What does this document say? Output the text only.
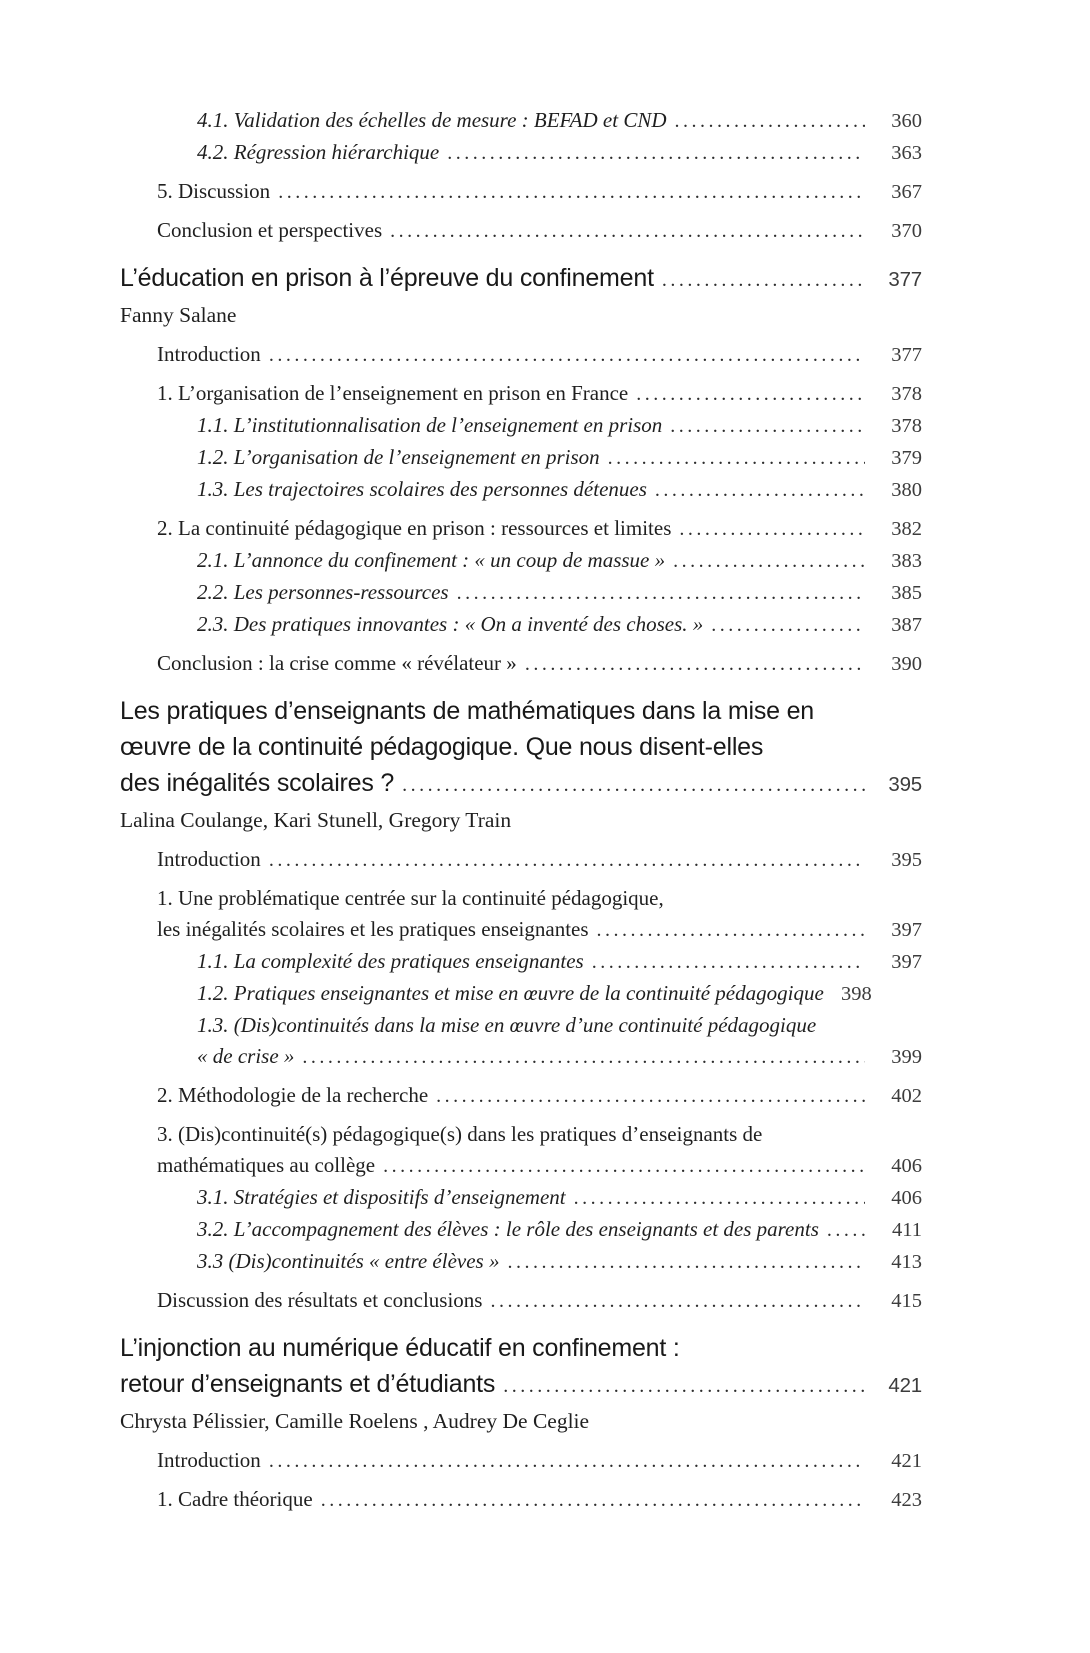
4.1. Validation des échelles de mesure : BEFAD et CND .....	360
4.2. Régression hiérarchique .....	363
5. Discussion .....	367
Conclusion et perspectives .....	370
L’éducation en prison à l’épreuve du confinement .....	377
Fanny Salane
Introduction .....	377
1. L’organisation de l’enseignement en prison en France .....	378
1.1. L’institutionnalisation de l’enseignement en prison .....	378
1.2. L’organisation de l’enseignement en prison .....	379
1.3. Les trajectoires scolaires des personnes détenues .....	380
2. La continuité pédagogique en prison : ressources et limites .....	382
2.1. L’annonce du confinement : « un coup de massue » .....	383
2.2. Les personnes-ressources .....	385
2.3. Des pratiques innovantes : « On a inventé des choses. » .....	387
Conclusion : la crise comme « révélateur » .....	390
Les pratiques d’enseignants de mathématiques dans la mise en
œuvre de la continuité pédagogique. Que nous disent-elles
des inégalités scolaires ? .....	395
Lalina Coulange, Kari Stunell, Gregory Train
Introduction .....	395
1. Une problématique centrée sur la continuité pédagogique,
les inégalités scolaires et les pratiques enseignantes .....	397
1.1. La complexité des pratiques enseignantes .....	397
1.2. Pratiques enseignantes et mise en œuvre de la continuité pédagogique 398
1.3. (Dis)continuités dans la mise en œuvre d’une continuité pédagogique
« de crise » .....	399
2. Méthodologie de la recherche .....	402
3. (Dis)continuité(s) pédagogique(s) dans les pratiques d’enseignants de
mathématiques au collège .....	406
3.1. Stratégies et dispositifs d’enseignement .....	406
3.2. L’accompagnement des élèves : le rôle des enseignants et des parents .....	411
3.3 (Dis)continuités « entre élèves » .....	413
Discussion des résultats et conclusions .....	415
L’injonction au numérique éducatif en confinement :
retour d’enseignants et d’étudiants .....	421
Chrysta Pélissier, Camille Roelens , Audrey De Ceglie
Introduction .....	421
1. Cadre théorique .....	423
